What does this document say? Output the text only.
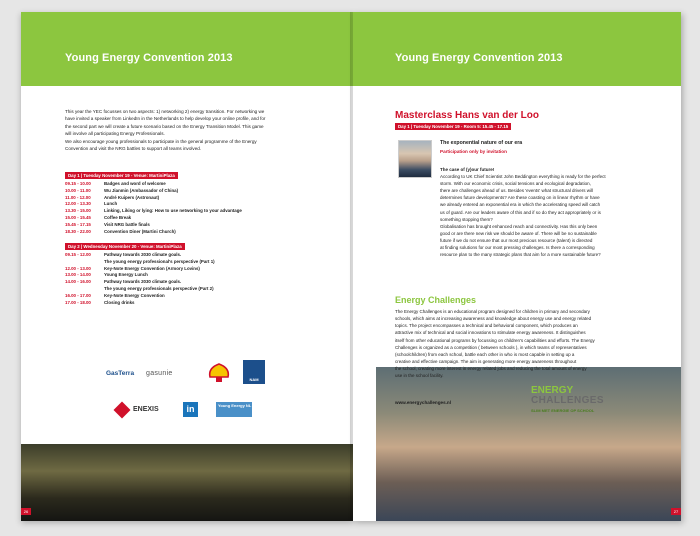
Young Energy Convention 2013

This year the YEC focusses on two aspects: 1) networking 2) energy transition. For networking we

have invited a speaker from LinkedIn in the Netherlands to help develop your online profile, and for

the second part we will create a future scenario based on the Energy Transition Model. This game

will involve all participating Energy Professionals.

We also encourage young professionals to participate in the general programme of the Energy

Convention and visit the NRG battles to support all teams involved.

Day 1 | Tuesday November 19 - Venue: MartiniPlaza
09.15 - 10.00	Badges and word of welcome
10.00 - 11.00	Wu Jianmin (Ambassador of China)
11.00 - 12.00	André Kuipers (Astronaut)
12.00 - 13.30	Lunch
13.30 - 15.00	Linking, Liking or lying: How to use networking to your advantage
15.00 - 15.45	Coffee Break
15.45 - 17.15	Visit NRG battle finals
18.30 - 22.00	Convention Diner (Martini Church)
Day 2 | Wednesday November 20 - Venue: MartiniPlaza
09.15 - 12.00	Pathway towards 2030 climate goals.
The young energy professional's perspective (Part 1)
12.00 - 13.00	Key-Note Energy Convention (Armory Lovins)
13.00 - 14.00	Young Energy Lunch
14.00 - 16.00	Pathway towards 2030 climate goals.
The young energy professionals perspective (Part 2)
16.00 - 17.00	Key-Note Energy Convention
17.00 - 18.00	Closing drinks
GasTerra gasunie
NAM
ENEXIS	in	Young Energy NL
26
Young Energy Convention 2013
Masterclass Hans van der Loo
Day 1 | Tuesday November 19 - Room 5: 15.45 - 17.15
The exponential nature of our era
Participation only by invitation
The case of (y)our future!
According to UK Chief Scientist John Beddington everything is ready for the perfect
storm. With our economic crisis, social tensions and ecological degradation,
there are challenges ahead of us. Besides 'events' what structural drivers will
determines future developments? Are these coasting on in linear rhythm or have
we already entered an exponential era in which the accelerating speed will catch
us of guard. Are our leaders aware of this and if so do they act appropriately or is
something stopping them?
Globalisation has brought enhanced reach and connectivity. Has this only been
good or are there new risk we should be aware of. There will be no sustainable
future if we do not ensure that our most precious resource (talent) is directed
at finding solutions for our most pressing challenges. Is there a corresponding
resource plan to the many strategic plans that aim for a more sustainable future?
Energy Challenges
The Energy Challenges is an educational program designed for children in primary and secondary
schools, which aims at increasing awareness and knowledge about energy use and energy related
topics. The project encompasses a technical and behavioral component, which produces an
attractive mix of technical and social innovations to stimulate energy awareness. It distinguishes
itself from other educational programs by focussing on children's capabilities and efforts. The Energy
Challenges is organized as a competition ( between schools ), in which teams of representatives
(schoolchildren) from each school, battle each other in who is most capable in setting up a
creative and effective campaign. The aim is generating more energy awareness throughout
the school, creating more interest in energy related jobs and reducing the total amount of energy
use in the school facility.
www.energychallenges.nl
ENERGY
CHALLENGES
SLIM MET ENERGIE OP SCHOOL
27
